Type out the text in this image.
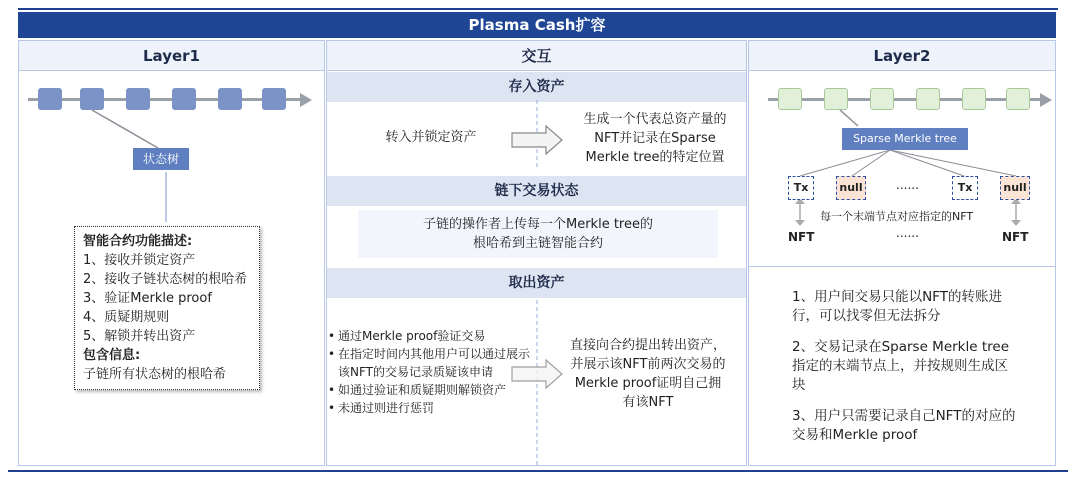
Plasma Cash扩容
Layer1
状态树
智能合约功能描述:
1、接收并锁定资产
2、接收子链状态树的根哈希
3、验证Merkle proof
4、质疑期规则
5、解锁并转出资产
包含信息:
子链所有状态树的根哈希
交互
存入资产
链下交易状态
取出资产
转入并锁定资产
生成一个代表总资产量的NFT并记录在Sparse Merkle tree的特定位置
子链的操作者上传每一个Merkle tree的根哈希到主链智能合约
• 通过Merkle proof验证交易
• 在指定时间内其他用户可以通过展示该NFT的交易记录质疑该申请
• 如通过验证和质疑期则解锁资产
• 未通过则进行惩罚
直接向合约提出转出资产，并展示该NFT前两次交易的Merkle proof证明自己拥有该NFT
Layer2
Sparse Merkle tree
Tx	null	......	Tx	null
每一个末端节点对应指定的NFT
NFT	......	NFT
1、用户间交易只能以NFT的转账进行，可以找零但无法拆分
2、交易记录在Sparse Merkle tree指定的末端节点上，并按规则生成区块
3、用户只需要记录自己NFT的对应的交易和Merkle proof
